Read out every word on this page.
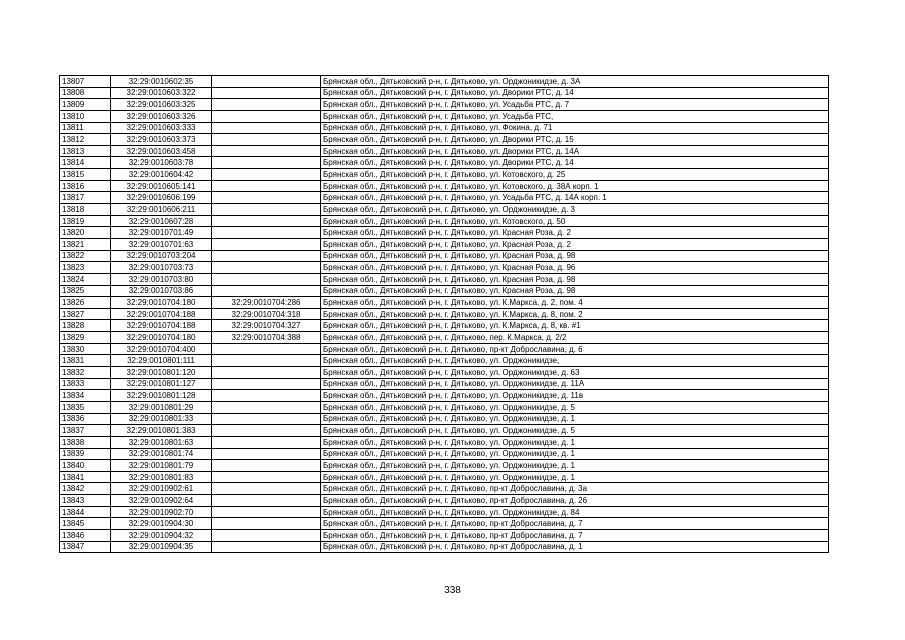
13807	32:29:0010602:35		Брянская обл., Дятьковский р-н, г. Дятьково, ул. Орджоникидзе, д. 3А
13808	32:29:0010603:322		Брянская обл., Дятьковский р-н, г. Дятьково, ул. Дворики РТС, д. 14
13809	32:29:0010603:325		Брянская обл., Дятьковский р-н, г. Дятьково, ул. Усадьба РТС, д. 7
13810	32:29:0010603:326		Брянская обл., Дятьковский р-н, г. Дятьково, ул. Усадьба РТС,
13811	32:29:0010603:333		Брянская обл., Дятьковский р-н, г. Дятьково, ул. Фокина, д. 71
13812	32:29:0010603:373		Брянская обл., Дятьковский р-н, г. Дятьково, ул. Дворики РТС, д. 15
13813	32:29:0010603:458		Брянская обл., Дятьковский р-н, г. Дятьково, ул. Дворики РТС, д. 14А
13814	32:29:0010603:78		Брянская обл., Дятьковский р-н, г. Дятьково, ул. Дворики РТС, д. 14
13815	32:29:0010604:42		Брянская обл., Дятьковский р-н, г. Дятьково, ул. Котовского, д. 25
13816	32:29:0010605:141		Брянская обл., Дятьковский р-н, г. Дятьково, ул. Котовского, д. 38А корп. 1
13817	32:29:0010606:199		Брянская обл., Дятьковский р-н, г. Дятьково, ул. Усадьба РТС, д. 14А корп. 1
13818	32:29:0010606:211		Брянская обл., Дятьковский р-н, г. Дятьково, ул. Орджоникидзе, д. 3
13819	32:29:0010607:28		Брянская обл., Дятьковский р-н, г. Дятьково, ул. Котовского, д. 50
13820	32:29:0010701:49		Брянская обл., Дятьковский р-н, г. Дятьково, ул. Красная Роза, д. 2
13821	32:29:0010701:63		Брянская обл., Дятьковский р-н, г. Дятьково, ул. Красная Роза, д. 2
13822	32:29:0010703:204		Брянская обл., Дятьковский р-н, г. Дятьково, ул. Красная Роза, д. 98
13823	32:29:0010703:73		Брянская обл., Дятьковский р-н, г. Дятьково, ул. Красная Роза, д. 96
13824	32:29:0010703:80		Брянская обл., Дятьковский р-н, г. Дятьково, ул. Красная Роза, д. 98
13825	32:29:0010703:86		Брянская обл., Дятьковский р-н, г. Дятьково, ул. Красная Роза, д. 98
13826	32:29:0010704:180	32:29:0010704:286	Брянская обл., Дятьковский р-н, г. Дятьково, ул. К.Маркса, д. 2, пом. 4
13827	32:29:0010704:188	32:29:0010704:318	Брянская обл., Дятьковский р-н, г. Дятьково, ул. К.Маркса, д. 8, пом. 2
13828	32:29:0010704:188	32:29:0010704:327	Брянская обл., Дятьковский р-н, г. Дятьково, ул. К.Маркса, д. 8, кв. #1
13829	32:29:0010704:180	32:29:0010704:388	Брянская обл., Дятьковский р-н, г. Дятьково, пер. К.Маркса, д. 2/2
13830	32:29:0010704:400		Брянская обл., Дятьковский р-н, г. Дятьково, пр-кт Доброславина, д. 6
13831	32:29:0010801:111		Брянская обл., Дятьковский р-н, г. Дятьково, ул. Орджоникидзе,
13832	32:29:0010801:120		Брянская обл., Дятьковский р-н, г. Дятьково, ул. Орджоникидзе, д. 63
13833	32:29:0010801:127		Брянская обл., Дятьковский р-н, г. Дятьково, ул. Орджоникидзе, д. 11А
13834	32:29:0010801:128		Брянская обл., Дятьковский р-н, г. Дятьково, ул. Орджоникидзе, д. 11в
13835	32:29:0010801:29		Брянская обл., Дятьковский р-н, г. Дятьково, ул. Орджоникидзе, д. 5
13836	32:29:0010801:33		Брянская обл., Дятьковский р-н, г. Дятьково, ул. Орджоникидзе, д. 1
13837	32:29:0010801:383		Брянская обл., Дятьковский р-н, г. Дятьково, ул. Орджоникидзе, д. 5
13838	32:29:0010801:63		Брянская обл., Дятьковский р-н, г. Дятьково, ул. Орджоникидзе, д. 1
13839	32:29:0010801:74		Брянская обл., Дятьковский р-н, г. Дятьково, ул. Орджоникидзе, д. 1
13840	32:29:0010801:79		Брянская обл., Дятьковский р-н, г. Дятьково, ул. Орджоникидзе, д. 1
13841	32:29:0010801:83		Брянская обл., Дятьковский р-н, г. Дятьково, ул. Орджоникидзе, д. 1
13842	32:29:0010902:61		Брянская обл., Дятьковский р-н, г. Дятьково, пр-кт Доброславина, д. 3а
13843	32:29:0010902:64		Брянская обл., Дятьковский р-н, г. Дятьково, пр-кт Доброславина, д. 26
13844	32:29:0010902:70		Брянская обл., Дятьковский р-н, г. Дятьково, ул. Орджоникидзе, д. 84
13845	32:29:0010904:30		Брянская обл., Дятьковский р-н, г. Дятьково, пр-кт Доброславина, д. 7
13846	32:29:0010904:32		Брянская обл., Дятьковский р-н, г. Дятьково, пр-кт Доброславина, д. 7
13847	32:29:0010904:35		Брянская обл., Дятьковский р-н, г. Дятьково, пр-кт Доброславина, д. 1
338
